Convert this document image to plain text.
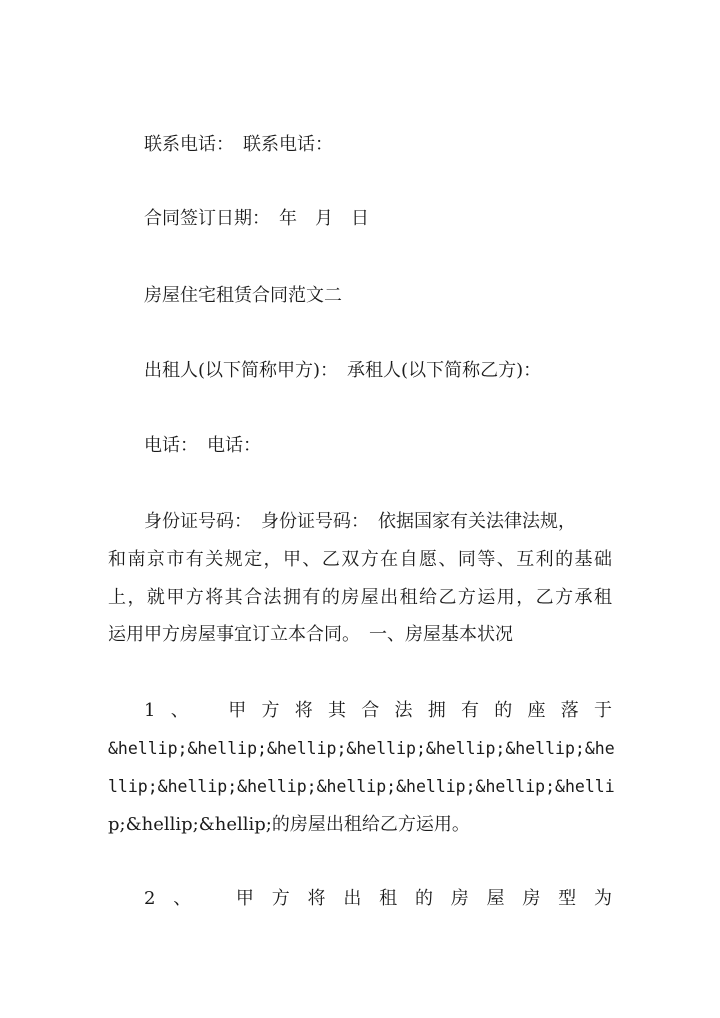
联系电话：　联系电话：
合同签订日期：　年　月　日
房屋住宅租赁合同范文二
出租人(以下简称甲方)：　承租人(以下简称乙方)：
电话：　电话：
身份证号码：　身份证号码：　依据国家有关法律法规，
和南京市有关规定，甲、乙双方在自愿、同等、互利的基础
上，就甲方将其合法拥有的房屋出租给乙方运用，乙方承租
运用甲方房屋事宜订立本合同。　一、房屋基本状况
1、　甲方将其合法拥有的座落于
&hellip;&hellip;&hellip;&hellip;&hellip;&hellip;&he
llip;&hellip;&hellip;&hellip;&hellip;&hellip;&helli
p;&hellip;&hellip;的房屋出租给乙方运用。
2、　甲方将出租的房屋房型为
